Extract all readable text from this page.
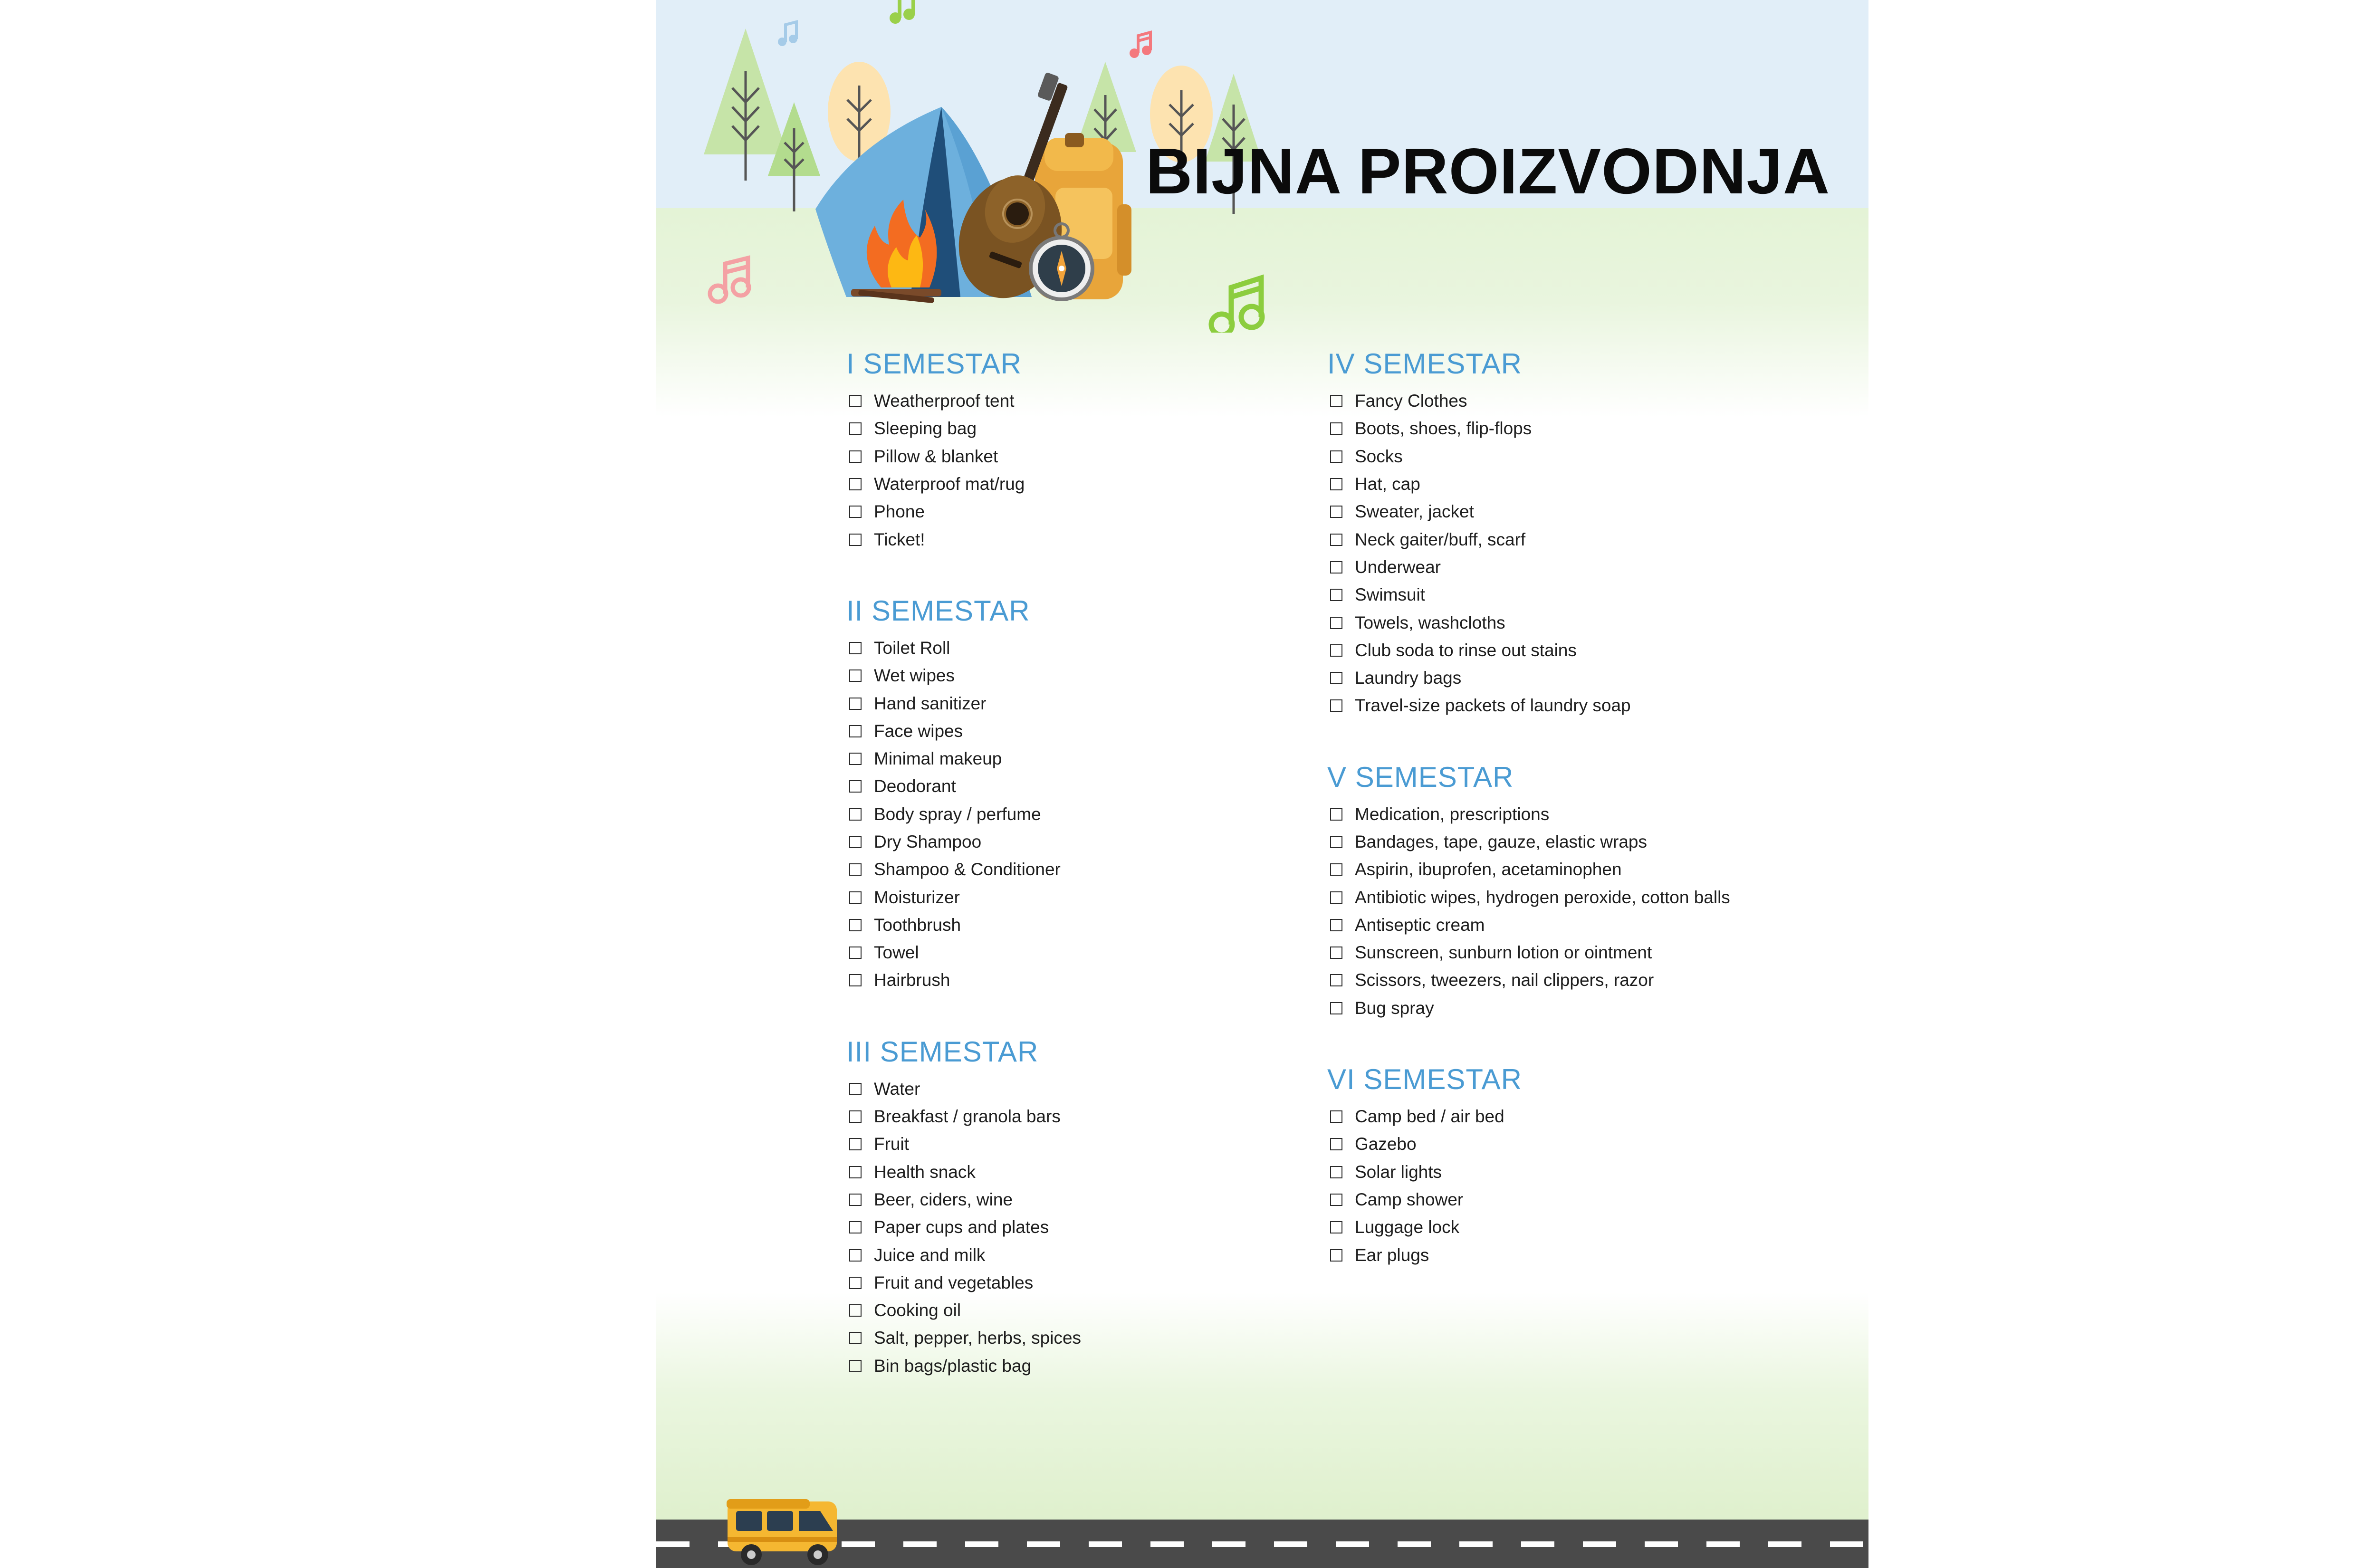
BIJNA PROIZVODNJA
I SEMESTAR
Weatherproof tent
Sleeping bag
Pillow & blanket
Waterproof mat/rug
Phone
Ticket!
II SEMESTAR
Toilet Roll
Wet wipes
Hand sanitizer
Face wipes
Minimal makeup
Deodorant
Body spray / perfume
Dry Shampoo
Shampoo & Conditioner
Moisturizer
Toothbrush
Towel
Hairbrush
III SEMESTAR
Water
Breakfast / granola bars
Fruit
Health snack
Beer, ciders, wine
Paper cups and plates
Juice and milk
Fruit and vegetables
Cooking oil
Salt, pepper, herbs, spices
Bin bags/plastic bag
IV SEMESTAR
Fancy Clothes
Boots, shoes, flip-flops
Socks
Hat, cap
Sweater, jacket
Neck gaiter/buff, scarf
Underwear
Swimsuit
Towels, washcloths
Club soda to rinse out stains
Laundry bags
Travel-size packets of laundry soap
V SEMESTAR
Medication, prescriptions
Bandages, tape, gauze, elastic wraps
Aspirin, ibuprofen, acetaminophen
Antibiotic wipes, hydrogen peroxide, cotton balls
Antiseptic cream
Sunscreen, sunburn lotion or ointment
Scissors, tweezers, nail clippers, razor
Bug spray
VI SEMESTAR
Camp bed / air bed
Gazebo
Solar lights
Camp shower
Luggage lock
Ear plugs
